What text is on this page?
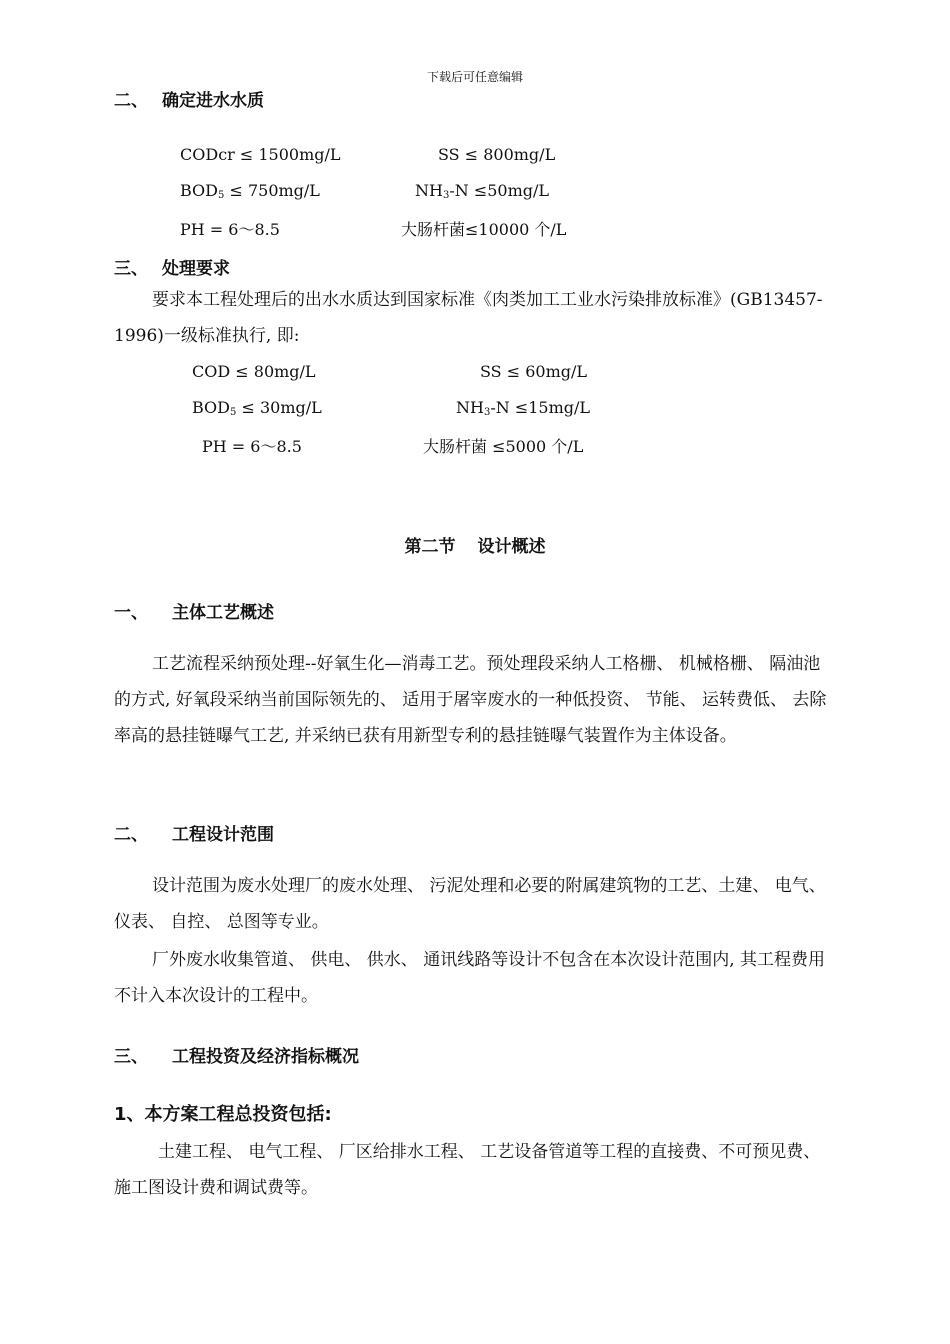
下载后可任意编辑
二、 确定进水水质
CODcr ≤ 1500mg/L	SS ≤ 800mg/L
$BOD_5 \le 750mg/L$	$NH_3-N \le 50mg/L$
PH = 6～8.5	大肠杆菌≤10000 个/L
三、 处理要求
要求本工程处理后的出水水质达到国家标准《肉类加工工业水污染排放标准》(GB13457-1996)一级标准执行, 即:
COD ≤ 80mg/L	SS ≤ 60mg/L
$BOD_5 \le 30mg/L$	$NH_3-N \le 15mg/L$
PH = 6～8.5	大肠杆菌 ≤5000 个/L
第二节 设计概述
一、 主体工艺概述
工艺流程采纳预处理--好氧生化—消毒工艺。预处理段采纳人工格栅、 机械格栅、 隔油池的方式, 好氧段采纳当前国际领先的、 适用于屠宰废水的一种低投资、 节能、 运转费低、 去除率高的悬挂链曝气工艺, 并采纳已获有用新型专利的悬挂链曝气装置作为主体设备。
二、 工程设计范围
设计范围为废水处理厂的废水处理、 污泥处理和必要的附属建筑物的工艺、土建、 电气、 仪表、 自控、 总图等专业。
厂外废水收集管道、 供电、 供水、 通讯线路等设计不包含在本次设计范围内, 其工程费用不计入本次设计的工程中。
三、 工程投资及经济指标概况
1、本方案工程总投资包括:
土建工程、 电气工程、 厂区给排水工程、 工艺设备管道等工程的直接费、不可预见费、 施工图设计费和调试费等。
